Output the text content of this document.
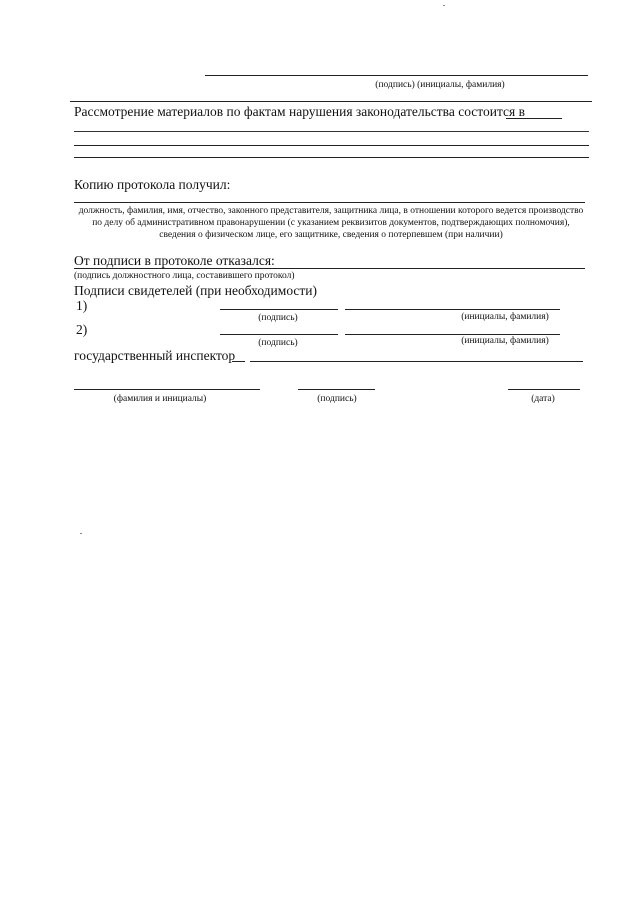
(подпись) (инициалы, фамилия)
Рассмотрение материалов по фактам нарушения законодательства состоится в
Копию протокола получил:
должность, фамилия, имя, отчество, законного представителя, защитника лица, в отношении которого ведется производство по делу об административном правонарушении (с указанием реквизитов документов, подтверждающих полномочия), сведения о физическом лице, его защитнике, сведения о потерпевшем (при наличии)
От подписи в протоколе отказался:
(подпись должностного лица, составившего протокол)
Подписи свидетелей (при необходимости)
1)
(подпись)	(инициалы, фамилия)
2)
(подпись)	(инициалы, фамилия)
государственный инспектор
(фамилия и инициалы)	(подпись)	(дата)
